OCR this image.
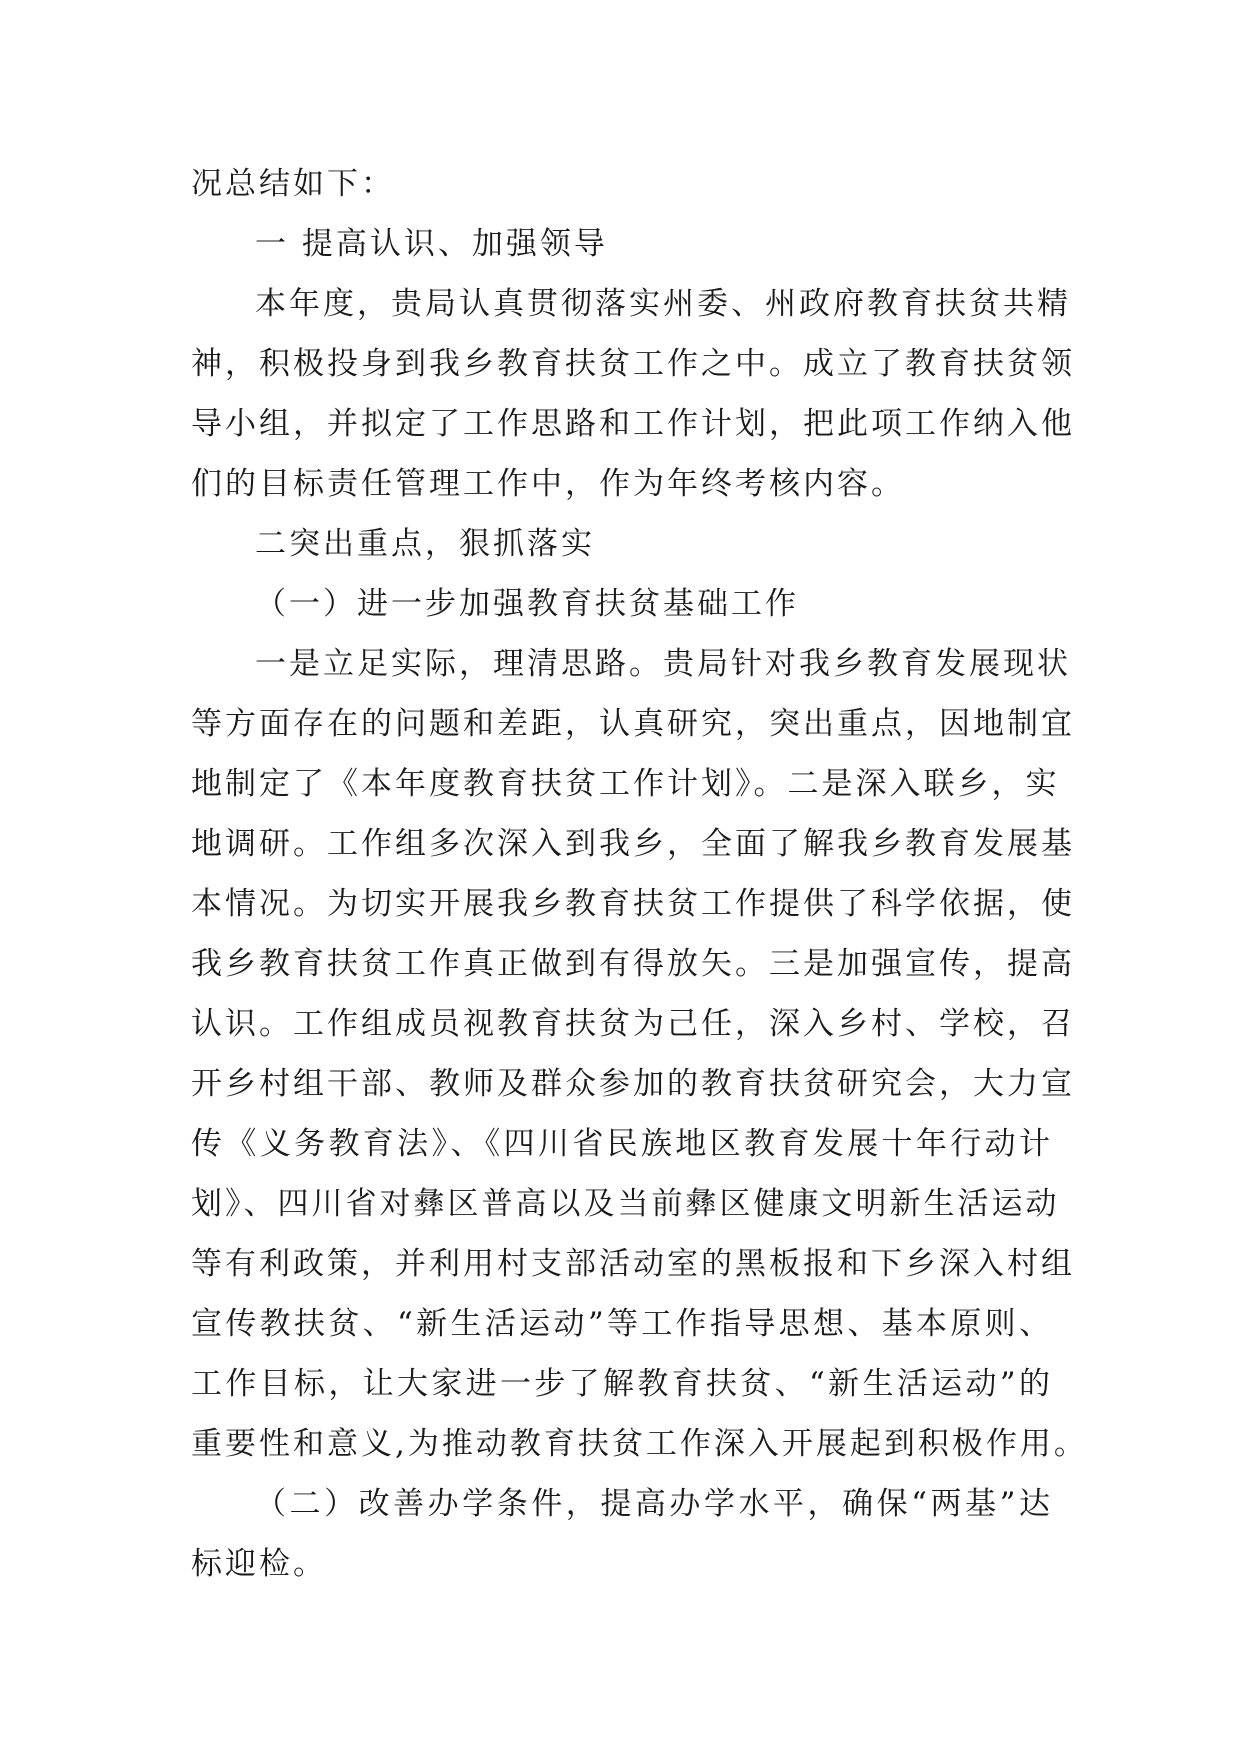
况总结如下：
一 提高认识、加强领导
本年度，贵局认真贯彻落实州委、州政府教育扶贫共精
神，积极投身到我乡教育扶贫工作之中。成立了教育扶贫领
导小组，并拟定了工作思路和工作计划，把此项工作纳入他
们的目标责任管理工作中，作为年终考核内容。
二突出重点，狠抓落实
（一）进一步加强教育扶贫基础工作
一是立足实际，理清思路。贵局针对我乡教育发展现状
等方面存在的问题和差距，认真研究，突出重点，因地制宜
地制定了《本年度教育扶贫工作计划》。二是深入联乡，实
地调研。工作组多次深入到我乡，全面了解我乡教育发展基
本情况。为切实开展我乡教育扶贫工作提供了科学依据，使
我乡教育扶贫工作真正做到有得放矢。三是加强宣传，提高
认识。工作组成员视教育扶贫为己任，深入乡村、学校，召
开乡村组干部、教师及群众参加的教育扶贫研究会，大力宣
传《义务教育法》、《四川省民族地区教育发展十年行动计
划》、四川省对彝区普高以及当前彝区健康文明新生活运动
等有利政策，并利用村支部活动室的黑板报和下乡深入村组
宣传教扶贫、“新生活运动”等工作指导思想、基本原则、
工作目标，让大家进一步了解教育扶贫、“新生活运动”的
重要性和意义,为推动教育扶贫工作深入开展起到积极作用。
（二）改善办学条件，提高办学水平，确保“两基”达
标迎检。
